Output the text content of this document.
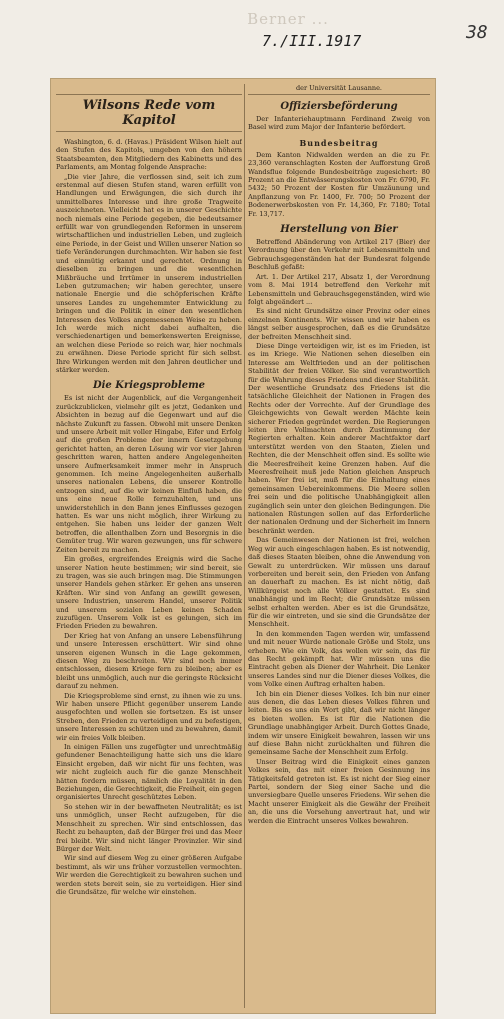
Berner ...
7./III.1917	38
Wilsons Rede vom Kapitol

Washington, 6. d. (Havas.) Präsident Wilson hielt auf den Stufen des Kapitols, umgeben von den höhern Staatsbeamten, den Mitgliedern des Kabinetts und des Parlaments, am Montag folgende Ansprache:

„Die vier Jahre, die verflossen sind, seit ich zum erstenmal auf diesen Stufen stand, waren erfüllt von Handlungen und Erwägungen, die sich durch ihr unmittelbares Interesse und ihre große Tragweite auszeichneten. Vielleicht hat es in unserer Geschichte noch niemals eine Periode gegeben, die bedeutsamer erfüllt war von grundlegenden Reformen in unserem wirtschaftlichen und industriellen Leben, und zugleich eine Periode, in der Geist und Willen unserer Nation so tiefe Veränderungen durchmachten. Wir haben sie fest und einmütig erkannt und gerechtet. Ordnung in dieselben zu bringen und die wesentlichen Mißbräuche und Irrtümer in unserem industriellen Leben gutzumachen; wir haben gerechter, unsere nationale Energie und die schöpferischen Kräfte unseres Landes zu ungehemmter Entwicklung zu bringen und die Politik in einer den wesentlichen Interessen des Volkes angemessenen Weise zu heben. Ich werde mich nicht dabei aufhalten, die verschiedenartigen und bemerkenswerten Ereignisse, an welchen diese Periode so reich war, hier nochmals zu erwähnen. Diese Periode spricht für sich selbst. Ihre Wirkungen werden mit den Jahren deutlicher und stärker werden.

Die Kriegsprobleme

Es ist nicht der Augenblick, auf die Vergangenheit zurückzublicken, vielmehr gilt es jetzt, Gedanken und Absichten in bezug auf die Gegenwart und auf die nächste Zukunft zu fassen. Obwohl mit unsere Denken und unsere Arbeit mit voller Hingabe, Eifer und Erfolg auf die großen Probleme der innern Gesetzgebung gerichtet hatten, an deren Lösung wir vor vier Jahren geschritten waren, hatten andere Angelegenheiten unsere Aufmerksamkeit immer mehr in Anspruch genommen. Ich meine Angelegenheiten außerhalb unseres nationalen Lebens, die unserer Kontrolle entzogen sind, auf die wir keinen Einfluß haben, die uns eine neue Rolle fernzuhalten, und uns unwiderstehlich in den Bann jenes Einflusses gezogen hatten. Es war uns nicht möglich, ihrer Wirkung zu entgehen. Sie haben uns leider der ganzen Welt betroffen, die allenthalben Zorn und Besorgnis in die Gemüter trug. Wir waren gezwungen, uns für schwere Zeiten bereit zu machen.

Ein großes, ergreifendes Ereignis wird die Sache unserer Nation heute bestimmen; wir sind bereit, sie zu tragen, was sie auch bringen mag. Die Stimmungen unserer Handels gehen stärker. Er gehen ans unseren Kräften. Wir sind von Anfang an gewillt gewesen, unsere Industrien, unserem Handel, unserer Politik und unserem sozialen Leben keinen Schaden zuzufügen. Unserem Volk ist es gelungen, sich im Frieden Frieden zu bewahren.

Der Krieg hat von Anfang an unsere Lebensführung und unsere Interessen erschüttert. Wir sind ohne unseren eigenen Wunsch in die Lage gekommen, diesen Weg zu beschreiten. Wir sind noch immer entschlossen, diesem Kriege fern zu bleiben; aber es bleibt uns unmöglich, auch nur die geringste Rücksicht darauf zu nehmen.

Die Kriegsprobleme sind ernst, zu ihnen wie zu uns. Wir haben unsere Pflicht gegenüber unserem Lande ausgefochten und wollen sie fortsetzen. Es ist unser Streben, den Frieden zu verteidigen und zu befestigen, unsere Interessen zu schützen und zu bewahren, damit wir ein freies Volk bleiben.

In einigen Fällen uns zugefügter und unrechtmäßig gefundener Benachteiligung hatte sich uns die klare Einsicht ergeben, daß wir nicht für uns fechten, was wir nicht zugleich auch für die ganze Menschheit hätten fordern müssen, nämlich die Loyalität in den Beziehungen, die Gerechtigkeit, die Freiheit, ein gegen organisiertes Unrecht geschütztes Leben.

So stehen wir in der bewaffneten Neutralität; es ist uns unmöglich, unser Recht aufzugeben, für die Menschheit zu sprechen. Wir sind entschlossen, das Recht zu behaupten, daß der Bürger frei und das Meer frei bleibt. Wir sind nicht länger Provinzler. Wir sind Bürger der Welt.

Wir sind auf diesem Weg zu einer größeren Aufgabe bestimmt, als wir uns früher vorzustellen vermochten. Wir werden die Gerechtigkeit zu bewahren suchen und werden stets bereit sein, sie zu verteidigen. Hier sind die Grundsätze, für welche wir einstehen.

der Universität Lausanne.
Offiziersbeförderung

Der Infanteriehauptmann Ferdinand Zweig von Basel wird zum Major der Infanterie befördert.

Bundesbeitrag

Dem Kanton Nidwalden werden an die zu Fr. 23,360 veranschlagten Kosten der Aufforstung Groß Wandsflue folgende Bundesbeiträge zugesichert: 80 Prozent an die Entwässerungskosten von Fr. 6790, Fr. 5432; 50 Prozent der Kosten für Umzäunung und Anpflanzung von Fr. 1400, Fr. 700; 50 Prozent der Bodenerwerbskosten von Fr. 14,360, Fr. 7180; Total Fr. 13,717.

Herstellung von Bier

Betreffend Abänderung von Artikel 217 (Bier) der Verordnung über den Verkehr mit Lebensmitteln und Gebrauchsgegenständen hat der Bundesrat folgende Beschluß gefaßt:

Art. 1. Der Artikel 217, Absatz 1, der Verordnung vom 8. Mai 1914 betreffend den Verkehr mit Lebensmitteln und Gebrauchsgegenständen, wird wie folgt abgeändert ...

Es sind nicht Grundsätze einer Provinz oder eines einzelnen Kontinents. Wir wissen und wir haben es längst selber ausgesprochen, daß es die Grundsätze der befreiten Menschheit sind.

Diese Dinge verteidigen wir, ist es im Frieden, ist es im Kriege. Wie Nationen sehen dieselben ein Interesse am Weltfrieden und an der politischen Stabilität der freien Völker. Sie sind verantwortlich für die Wahrung dieses Friedens und dieser Stabilität. Der wesentliche Grundsatz des Friedens ist die tatsächliche Gleichheit der Nationen in Fragen des Rechts oder der Vorrechte. Auf der Grundlage des Gleichgewichts von Gewalt werden Mächte kein sicherer Frieden gegründet werden. Die Regierungen leiten ihre Vollmachten durch Zustimmung der Regierten erhalten. Kein anderer Machtfaktor darf unterstützt werden von den Staaten, Zielen und Rechten, die der Menschheit offen sind. Es sollte wie die Meeresfreiheit keine Grenzen haben. Auf die Meeresfreiheit muß jede Nation gleichen Anspruch haben. Wer frei ist, muß für die Einhaltung eines gemeinsamen Uebereinkommens. Die Meere sollen frei sein und die politische Unabhängigkeit allen zugänglich sein unter den gleichen Bedingungen. Die nationalen Rüstungen sollen auf das Erforderliche der nationalen Ordnung und der Sicherheit im Innern beschränkt werden.

Das Gemeinwesen der Nationen ist frei, welchen Weg wir auch eingeschlagen haben. Es ist notwendig, daß dieses Staaten bleiben, ohne die Anwendung von Gewalt zu unterdrücken. Wir müssen uns darauf vorbereiten und bereit sein, den Frieden von Anfang an dauerhaft zu machen. Es ist nicht nötig, daß Willkürgeist noch alle Völker gestattet. Es sind unabhängig und im Recht; die Grundsätze müssen selbst erhalten werden. Aber es ist die Grundsätze, für die wir eintreten, und sie sind die Grundsätze der Menschheit.

In den kommenden Tagen werden wir, umfassend und mit neuer Würde nationale Größe und Stolz, uns erheben. Wie ein Volk, das wollen wir sein, das für das Recht gekämpft hat. Wir müssen uns die Eintracht geben als Diener der Wahrheit. Die Lenker unseres Landes sind nur die Diener dieses Volkes, die vom Volke einen Auftrag erhalten haben.

Ich bin ein Diener dieses Volkes. Ich bin nur einer aus denen, die das Leben dieses Volkes führen und leiten. Bis es uns ein Wort gibt, daß wir nicht länger es bieten wollen. Es ist für die Nationen die Grundlage unabhängiger Arbeit. Durch Gottes Gnade, indem wir unsere Einigkeit bewahren, lassen wir uns auf diese Bahn nicht zurückhalten und führen die gemeinsame Sache der Menschheit zum Erfolg.

Unser Beitrag wird die Einigkeit eines ganzen Volkes sein, das mit einer freien Gesinnung ins Tätigkeitsfeld getreten ist. Es ist nicht der Sieg einer Partei, sondern der Sieg einer Sache und die unversiegbare Quelle unseres Friedens. Wir sehen die Macht unserer Einigkeit als die Gewähr der Freiheit an, die uns die Vorsehung anvertraut hat, und wir werden die Eintracht unseres Volkes bewahren.
